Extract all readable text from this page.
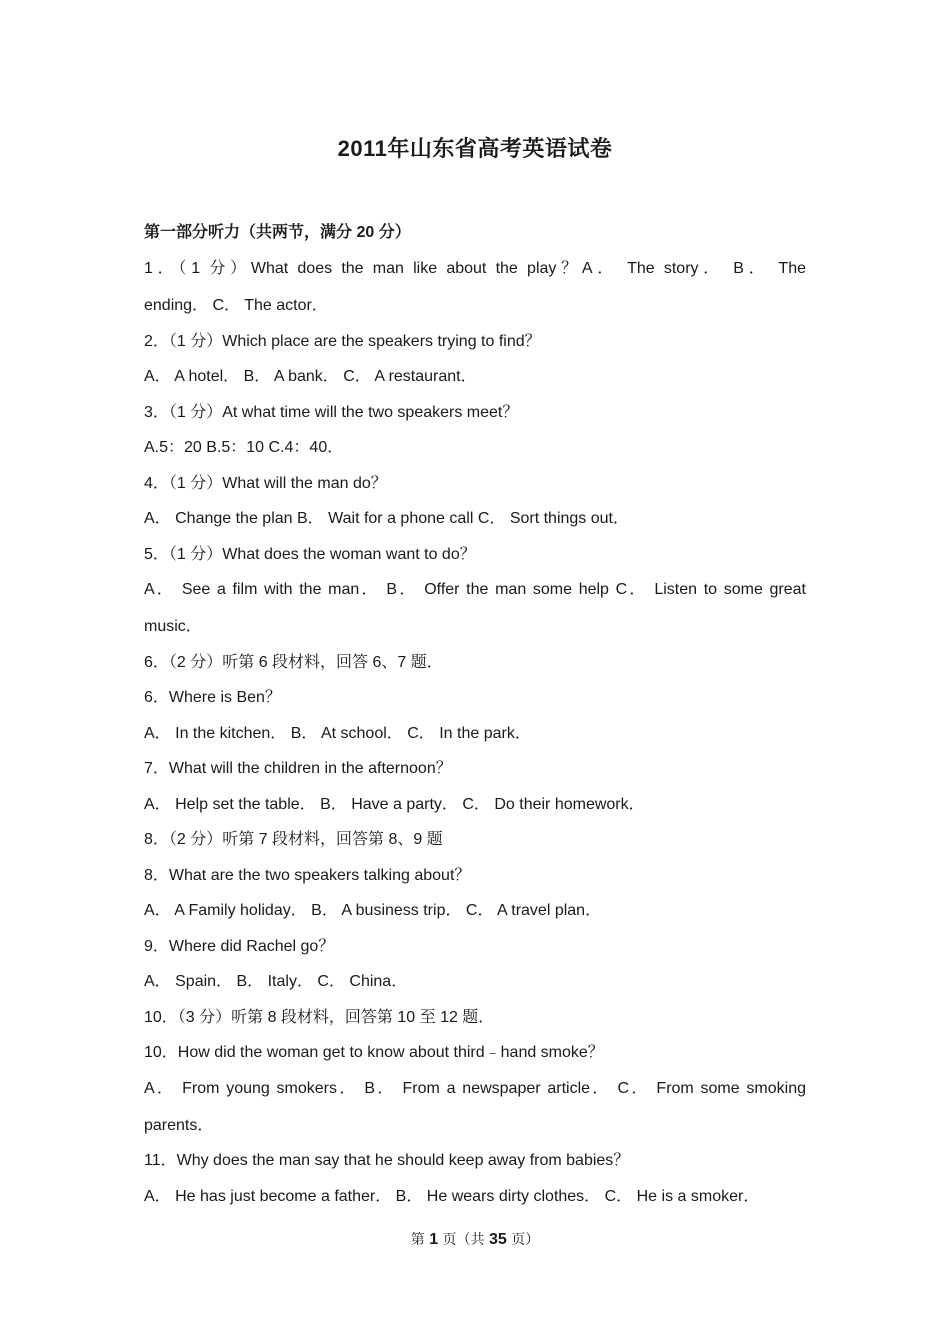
2011年山东省高考英语试卷
第一部分听力（共两节，满分 20 分）
1．（1 分）What does the man like about the play？A． The story． B． The
ending． C． The actor．
2．（1 分）Which place are the speakers trying to find？
A． A hotel． B． A bank． C． A restaurant．
3．（1 分）At what time will the two speakers meet？
A.5：20 B.5：10 C.4：40．
4．（1 分）What will the man do？
A． Change the plan B． Wait for a phone call C． Sort things out．
5．（1 分）What does the woman want to do？
A． See a film with the man． B． Offer the man some help C． Listen to some great
music．
6．（2 分）听第 6 段材料，回答 6、7 题．
6．Where is Ben？
A． In the kitchen． B． At school． C． In the park．
7．What will the children in the afternoon？
A． Help set the table． B． Have a party． C． Do their homework．
8．（2 分）听第 7 段材料，回答第 8、9 题
8．What are the two speakers talking about？
A． A Family holiday． B． A business trip． C． A travel plan．
9．Where did Rachel go？
A． Spain． B． Italy． C． China．
10．（3 分）听第 8 段材料，回答第 10 至 12 题．
10．How did the woman get to know about third﹣hand smoke？
A． From young smokers． B． From a newspaper article． C． From some smoking
parents．
11．Why does the man say that he should keep away from babies？
A． He has just become a father． B． He wears dirty clothes． C． He is a smoker．
第 1 页（共 35 页）
